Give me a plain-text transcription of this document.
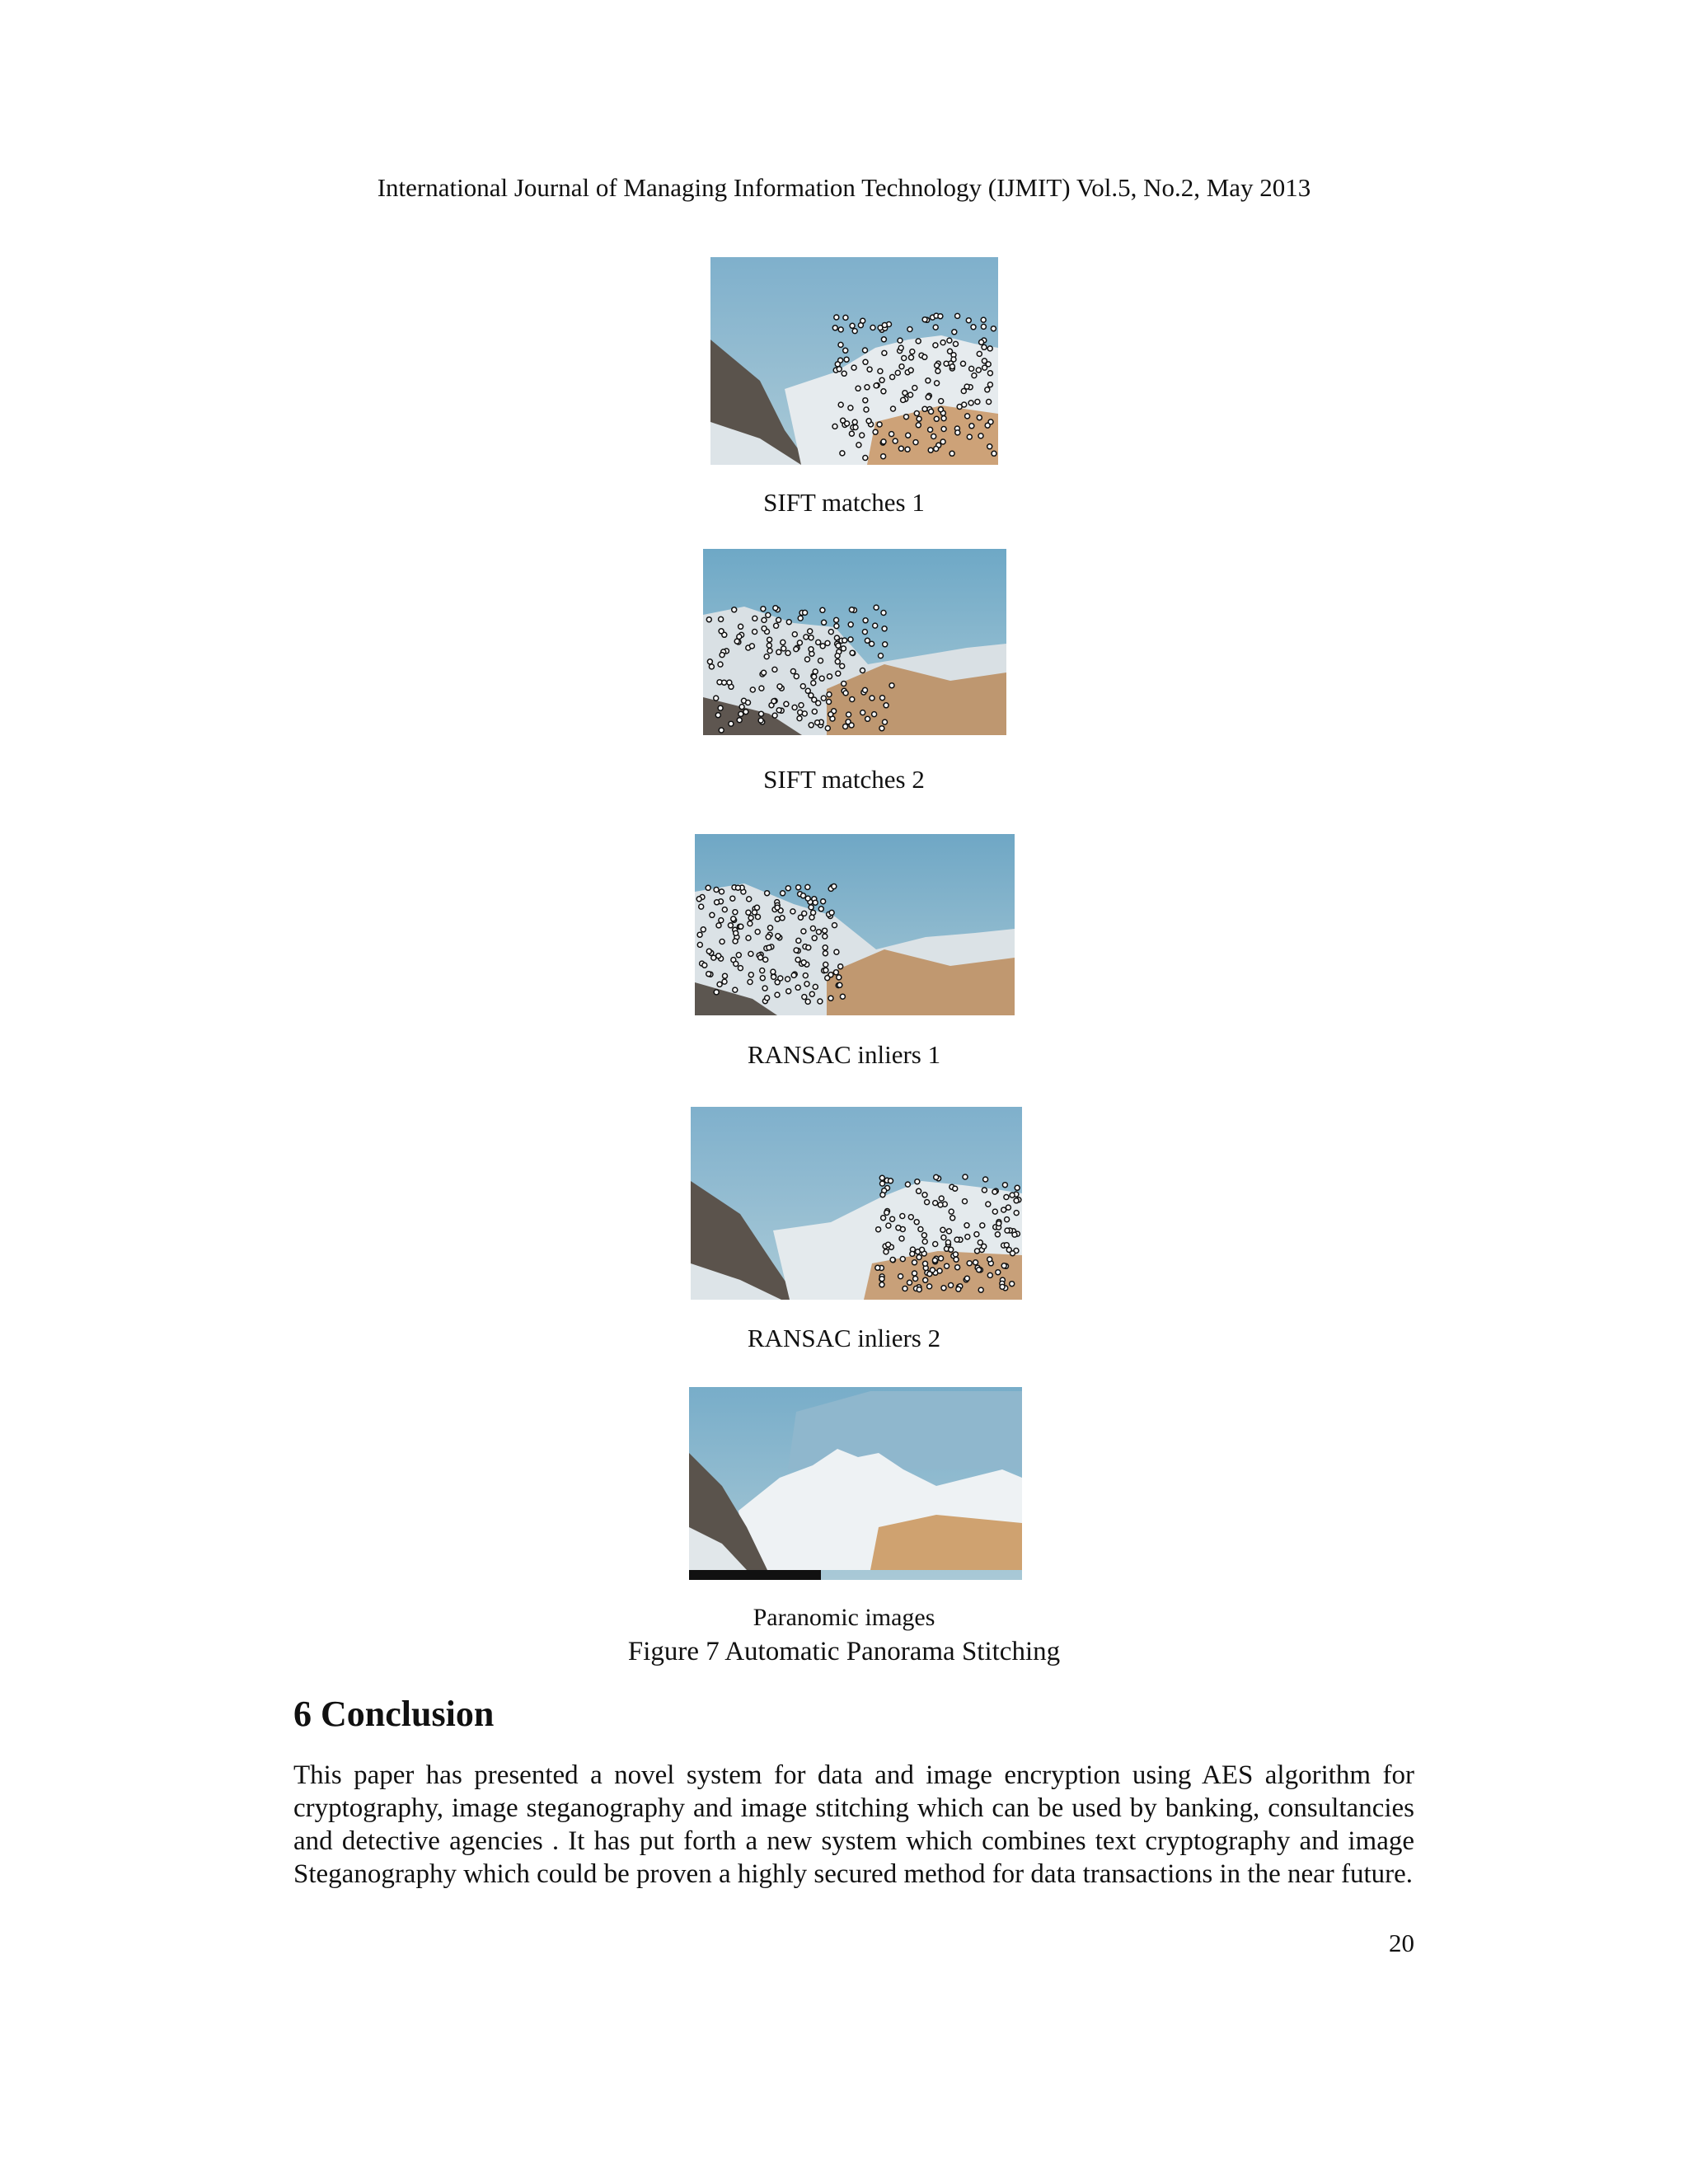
International Journal of Managing Information Technology (IJMIT) Vol.5, No.2, May 2013
SIFT matches 1
SIFT matches 2
RANSAC inliers 1
RANSAC inliers 2
Paranomic images
Figure 7 Automatic Panorama Stitching
6 Conclusion
This paper has presented a novel system for data and image encryption using AES algorithm for cryptography, image steganography and image stitching which can be used by banking, consultancies and detective agencies . It has put forth a new system which combines text cryptography and image Steganography which could be proven a highly secured method for data transactions in the near future.
20
